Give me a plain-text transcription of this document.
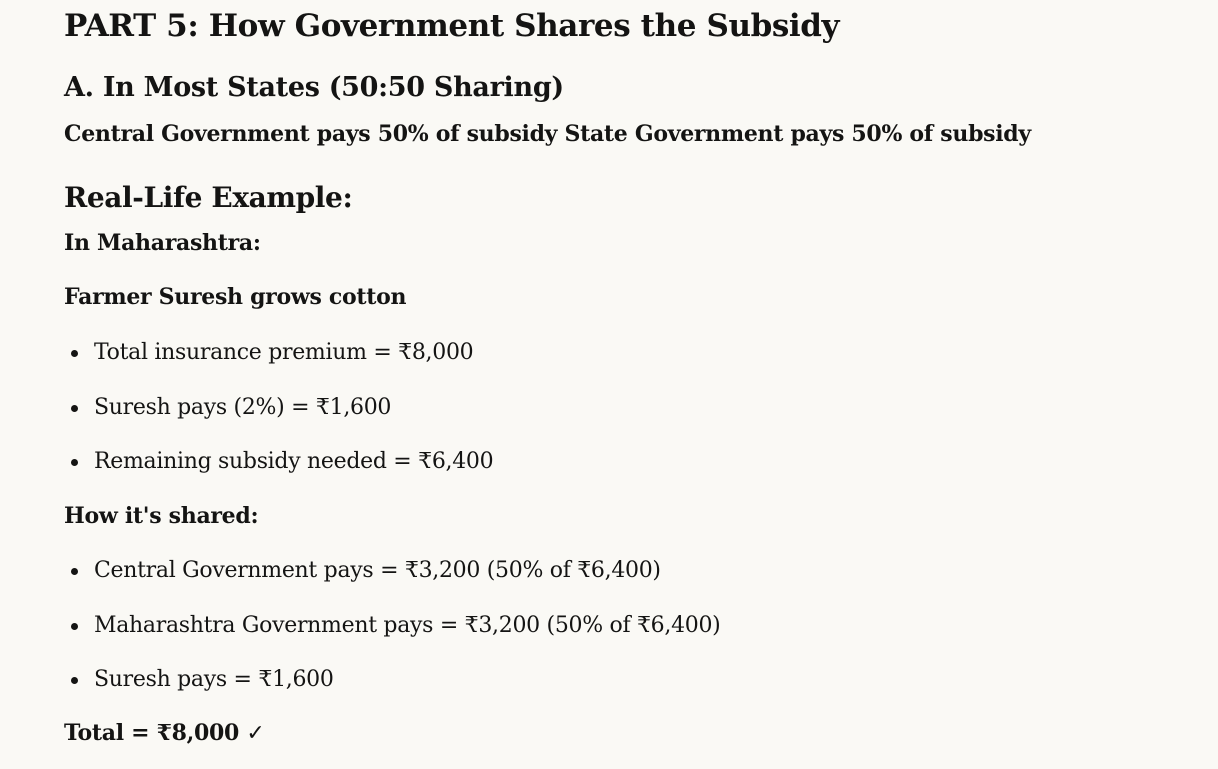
PART 5: How Government Shares the Subsidy
A. In Most States (50:50 Sharing)

Central Government pays 50% of subsidy State Government pays 50% of subsidy

Real-Life Example:

In Maharashtra:

Farmer Suresh grows cotton

Total insurance premium = ₹8,000
Suresh pays (2%) = ₹1,600
Remaining subsidy needed = ₹6,400

How it's shared:

Central Government pays = ₹3,200 (50% of ₹6,400)
Maharashtra Government pays = ₹3,200 (50% of ₹6,400)
Suresh pays = ₹1,600

Total = ₹8,000 ✓
